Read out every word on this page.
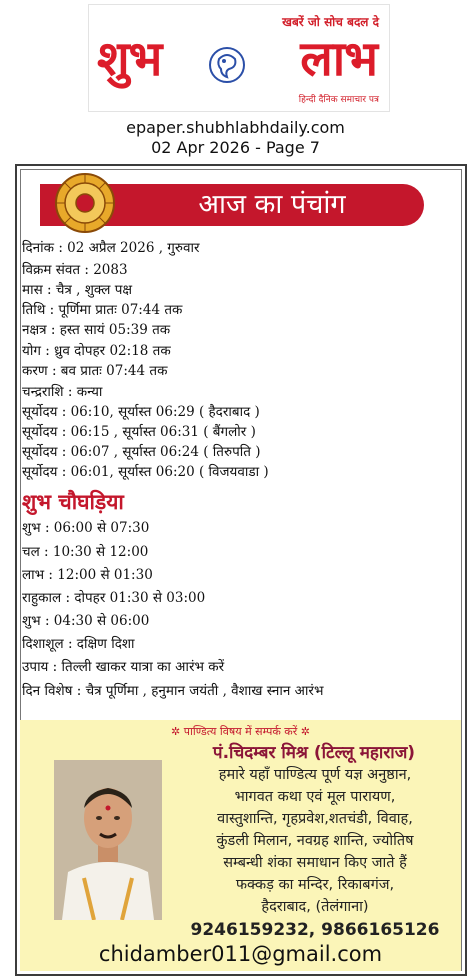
खबरें जो सोच बदल दे
शुभ	लाभ
हिन्दी दैनिक समाचार पत्र
epaper.shubhlabhdaily.com
02 Apr 2026 - Page 7
आज का पंचांग
दिनांक : 02 अप्रैल 2026 , गुरुवार
विक्रम संवत : 2083
मास : चैत्र , शुक्ल पक्ष
तिथि : पूर्णिमा प्रातः 07:44 तक
नक्षत्र : हस्त सायं 05:39 तक
योग : ध्रुव दोपहर 02:18 तक
करण : बव प्रातः 07:44 तक
चन्द्रराशि : कन्या
सूर्योदय : 06:10, सूर्यास्त 06:29 ( हैदराबाद )
सूर्योदय : 06:15 , सूर्यास्त 06:31 ( बैंगलोर )
सूर्योदय : 06:07 , सूर्यास्त 06:24 ( तिरुपति )
सूर्योदय : 06:01, सूर्यास्त 06:20 ( विजयवाडा )
शुभ चौघड़िया
शुभ : 06:00 से 07:30
चल : 10:30 से 12:00
लाभ : 12:00 से 01:30
राहुकाल : दोपहर 01:30 से 03:00
शुभ : 04:30 से 06:00
दिशाशूल : दक्षिण दिशा
उपाय : तिल्ली खाकर यात्रा का आरंभ करें
दिन विशेष : चैत्र पूर्णिमा , हनुमान जयंती , वैशाख स्नान आरंभ
✲ पाण्डित्य विषय में सम्पर्क करें ✲
पं.चिदम्बर मिश्र (टिल्लू महाराज)
हमारे यहाँ पाण्डित्य पूर्ण यज्ञ अनुष्ठान,
भागवत कथा एवं मूल पारायण,
वास्तुशान्ति, गृहप्रवेश,शतचंडी, विवाह,
कुंडली मिलान, नवग्रह शान्ति, ज्योतिष
सम्बन्धी शंका समाधान किए जाते हैं
फक्कड़ का मन्दिर, रिकाबगंज,
हैदराबाद, (तेलंगाना)
9246159232, 9866165126
chidamber011@gmail.com
